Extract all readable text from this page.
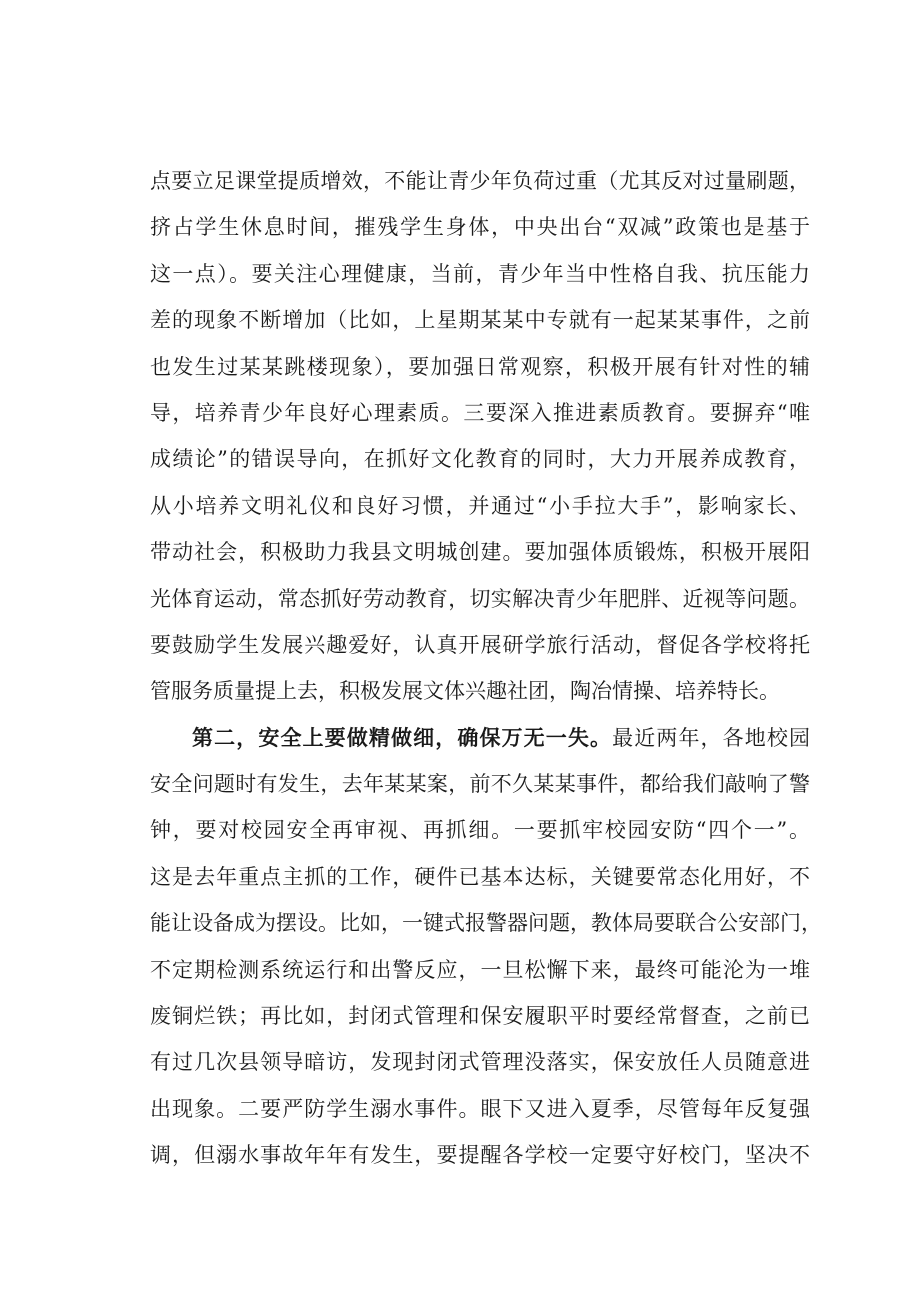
点要立足课堂提质增效，不能让青少年负荷过重（尤其反对过量刷题，
挤占学生休息时间，摧残学生身体，中央出台“双减”政策也是基于
这一点）。要关注心理健康，当前，青少年当中性格自我、抗压能力
差的现象不断增加（比如，上星期某某中专就有一起某某事件，之前
也发生过某某跳楼现象），要加强日常观察，积极开展有针对性的辅
导，培养青少年良好心理素质。三要深入推进素质教育。要摒弃“唯
成绩论”的错误导向，在抓好文化教育的同时，大力开展养成教育，
从小培养文明礼仪和良好习惯，并通过“小手拉大手”，影响家长、
带动社会，积极助力我县文明城创建。要加强体质锻炼，积极开展阳
光体育运动，常态抓好劳动教育，切实解决青少年肥胖、近视等问题。
要鼓励学生发展兴趣爱好，认真开展研学旅行活动，督促各学校将托
管服务质量提上去，积极发展文体兴趣社团，陶冶情操、培养特长。
第二，安全上要做精做细，确保万无一失。最近两年，各地校园
安全问题时有发生，去年某某案，前不久某某事件，都给我们敲响了警
钟，要对校园安全再审视、再抓细。一要抓牢校园安防“四个一”。
这是去年重点主抓的工作，硬件已基本达标，关键要常态化用好，不
能让设备成为摆设。比如，一键式报警器问题，教体局要联合公安部门，
不定期检测系统运行和出警反应，一旦松懈下来，最终可能沦为一堆
废铜烂铁；再比如，封闭式管理和保安履职平时要经常督查，之前已
有过几次县领导暗访，发现封闭式管理没落实，保安放任人员随意进
出现象。二要严防学生溺水事件。眼下又进入夏季，尽管每年反复强
调，但溺水事故年年有发生，要提醒各学校一定要守好校门，坚决不
